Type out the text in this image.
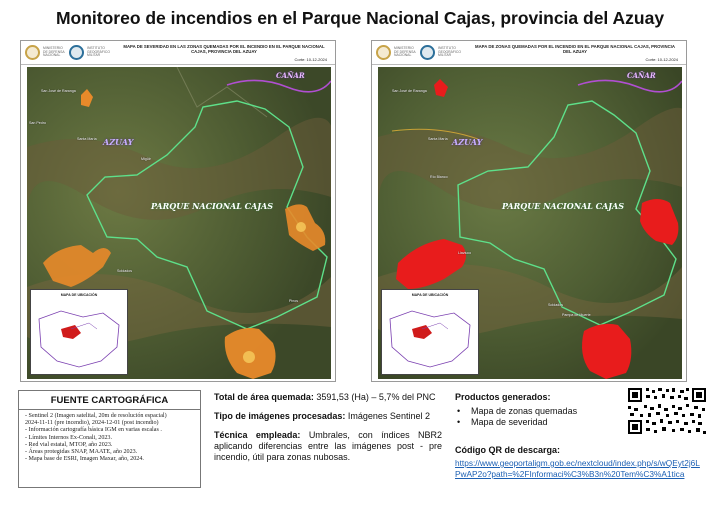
Monitoreo de incendios en el Parque Nacional Cajas, provincia del Azuay
MINISTERIO DE DEFENSA NACIONAL
INSTITUTO GEOGRÁFICO MILITAR
MAPA DE SEVERIDAD EN LAS ZONAS QUEMADAS POR EL INCENDIO EN EL PARQUE NACIONAL CAJAS, PROVINCIA DEL AZUAY
Corte: 10-12-2024
PARQUE NACIONAL CAJAS
AZUAY
CAÑAR
San José de Raranga
San Pedro
Santa María
Migüir
Soldados
Pinos
MAPA DE UBICACIÓN
MINISTERIO DE DEFENSA NACIONAL
INSTITUTO GEOGRÁFICO MILITAR
MAPA DE ZONAS QUEMADAS POR EL INCENDIO EN EL PARQUE NACIONAL CAJAS, PROVINCIA DEL AZUAY
Corte: 10-12-2024
PARQUE NACIONAL CAJAS
AZUAY
CAÑAR
San José de Raranga
Santa María
Río Blanco
Llaviuco
Soldados
Pampa de Muerte
MAPA DE UBICACIÓN
FUENTE CARTOGRÁFICA
- Sentinel 2 (Imagen satelital, 20m de resolución espacial)
2024-11-11 (pre incendio), 2024-12-01 (post incendio)
- Información cartografía básica IGM en varias escalas .
- Límites Internos Ex-Conali, 2023.
- Red vial estatal, MTOP, año 2023.
- Áreas protegidas SNAP, MAATE, año 2023.
- Mapa base de ESRI, Imagen Maxar, año, 2024.

Total de área quemada: 3591,53 (Ha) – 5,7% del PNC

Tipo de imágenes procesadas: Imágenes Sentinel 2

Técnica empleada: Umbrales, con índices NBR2 aplicando diferencias entre las imágenes post - pre incendio, útil para zonas nubosas.

Productos generados:
• Mapa de zonas quemadas
• Mapa de severidad
Código QR de descarga:
https://www.geoportaligm.gob.ec/nextcloud/index.php/s/wQEyt2j6LPwAP2o?path=%2FInformaci%C3%B3n%20Tem%C3%A1tica
